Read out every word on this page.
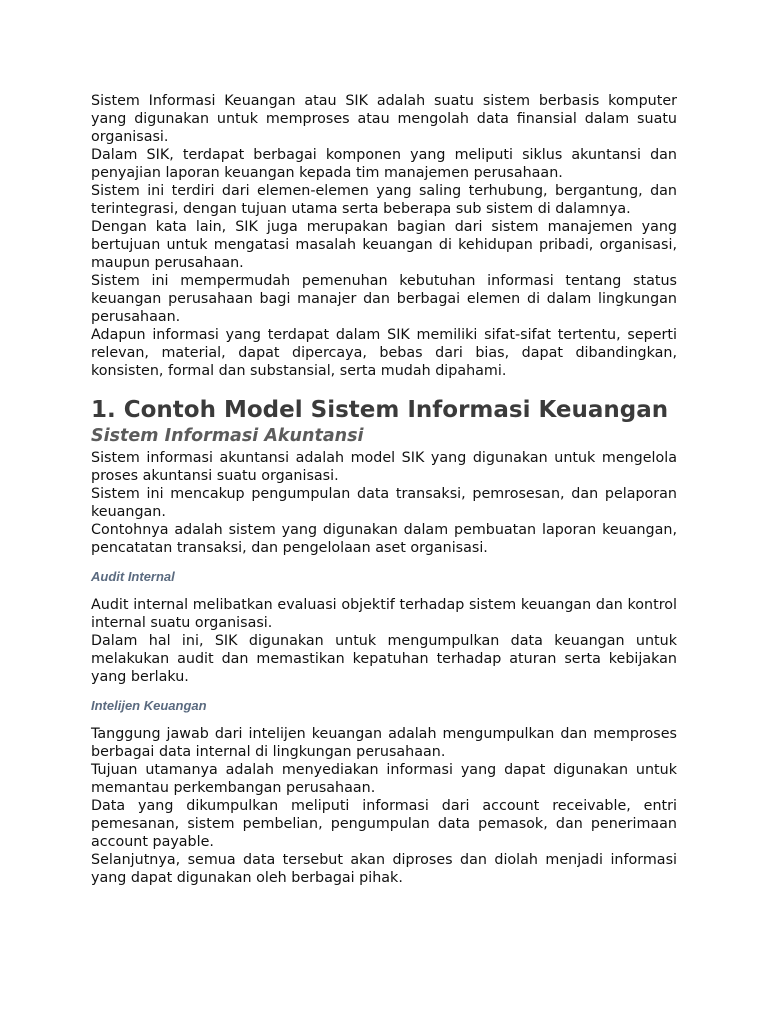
Sistem Informasi Keuangan atau SIK adalah suatu sistem berbasis komputer yang digunakan untuk memproses atau mengolah data finansial dalam suatu organisasi.

Dalam SIK, terdapat berbagai komponen yang meliputi siklus akuntansi dan penyajian laporan keuangan kepada tim manajemen perusahaan.

Sistem ini terdiri dari elemen-elemen yang saling terhubung, bergantung, dan terintegrasi, dengan tujuan utama serta beberapa sub sistem di dalamnya.

Dengan kata lain, SIK juga merupakan bagian dari sistem manajemen yang bertujuan untuk mengatasi masalah keuangan di kehidupan pribadi, organisasi, maupun perusahaan.

Sistem ini mempermudah pemenuhan kebutuhan informasi tentang status keuangan perusahaan bagi manajer dan berbagai elemen di dalam lingkungan perusahaan.

Adapun informasi yang terdapat dalam SIK memiliki sifat-sifat tertentu, seperti relevan, material, dapat dipercaya, bebas dari bias, dapat dibandingkan, konsisten, formal dan substansial, serta mudah dipahami.

1. Contoh Model Sistem Informasi Keuangan
Sistem Informasi Akuntansi

Sistem informasi akuntansi adalah model SIK yang digunakan untuk mengelola proses akuntansi suatu organisasi.

Sistem ini mencakup pengumpulan data transaksi, pemrosesan, dan pelaporan keuangan.

Contohnya adalah sistem yang digunakan dalam pembuatan laporan keuangan, pencatatan transaksi, dan pengelolaan aset organisasi.

Audit Internal

Audit internal melibatkan evaluasi objektif terhadap sistem keuangan dan kontrol internal suatu organisasi.

Dalam hal ini, SIK digunakan untuk mengumpulkan data keuangan untuk melakukan audit dan memastikan kepatuhan terhadap aturan serta kebijakan yang berlaku.

Intelijen Keuangan

Tanggung jawab dari intelijen keuangan adalah mengumpulkan dan memproses berbagai data internal di lingkungan perusahaan.

Tujuan utamanya adalah menyediakan informasi yang dapat digunakan untuk memantau perkembangan perusahaan.

Data yang dikumpulkan meliputi informasi dari account receivable, entri pemesanan, sistem pembelian, pengumpulan data pemasok, dan penerimaan account payable.

Selanjutnya, semua data tersebut akan diproses dan diolah menjadi informasi yang dapat digunakan oleh berbagai pihak.
